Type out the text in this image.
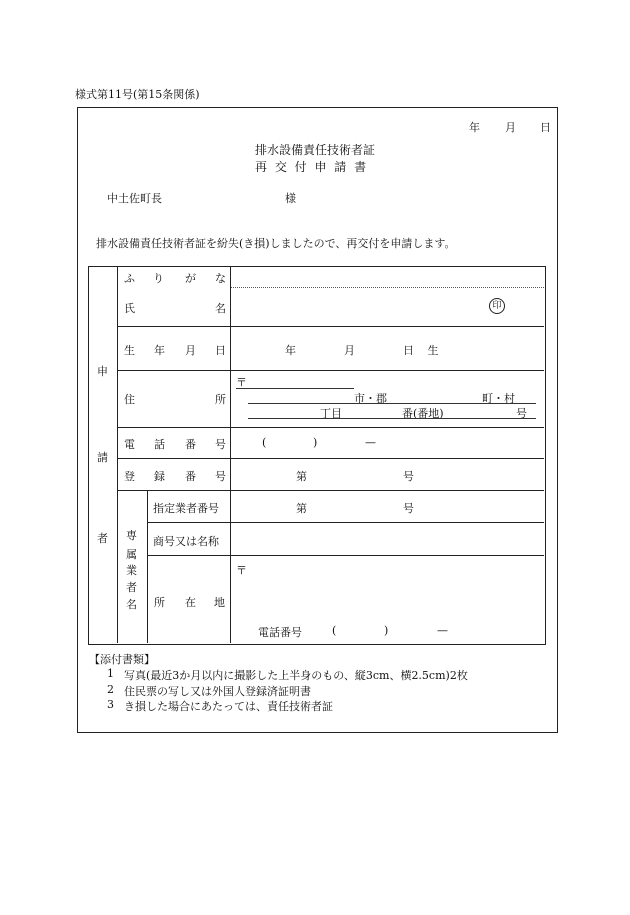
様式第11号(第15条関係)
年 月 日
排水設備責任技術者証
再 交 付 申 請 書
中土佐町長	様
排水設備責任技術者証を紛失(き損)しましたので、再交付を申請します。
申
請
者
ふ り が な
氏	名	印
生 年 月 日	年	月	日 生
住	所
〒
市・郡	町・村
丁目	番(番地)	号
電 話 番 号	(	)	—
登 録 番 号	第	号
専
属
業
者
名
指定業者番号	第	号
商号又は名称
所 在 地
〒
電話番号	(	)	—
【添付書類】
1 写真(最近3か月以内に撮影した上半身のもの、縦3cm、横2.5cm)2枚
2 住民票の写し又は外国人登録済証明書
3 き損した場合にあたっては、責任技術者証
